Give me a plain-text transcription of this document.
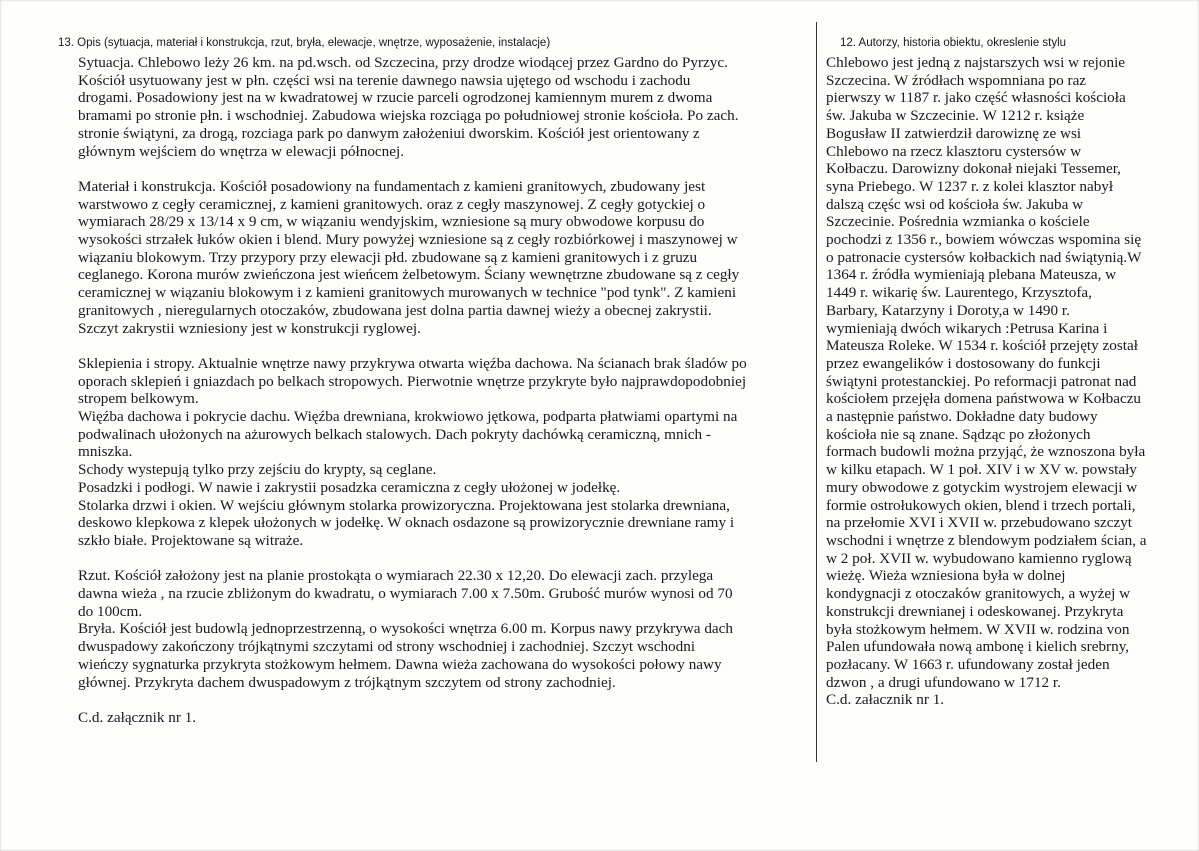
13. Opis (sytuacja, materiał i konstrukcja, rzut, bryła, elewacje, wnętrze, wyposażenie, instalacje)

Sytuacja. Chlebowo leży 26 km. na pd.wsch. od Szczecina, przy drodze wiodącej przez Gardno do Pyrzyc.
Kościół usytuowany jest w płn. części wsi na terenie dawnego nawsia ujętego od wschodu i zachodu
drogami. Posadowiony jest na w kwadratowej w rzucie parceli ogrodzonej kamiennym murem z dwoma
bramami po stronie płn. i wschodniej. Zabudowa wiejska rozciąga po południowej stronie kościoła. Po zach.
stronie świątyni, za drogą, rozciaga park po danwym założeniui dworskim. Kościół jest orientowany z
głównym wejściem do wnętrza w elewacji północnej.

Materiał i konstrukcja. Kościół posadowiony na fundamentach z kamieni granitowych, zbudowany jest
warstwowo z cegły ceramicznej, z kamieni granitowych. oraz z cegły maszynowej. Z cegły gotyckiej o
wymiarach 28/29 x 13/14 x 9 cm, w wiązaniu wendyjskim, wzniesione są mury obwodowe korpusu do
wysokości strzałek łuków okien i blend. Mury powyżej wzniesione są z cegły rozbiórkowej i maszynowej w
wiązaniu blokowym. Trzy przypory przy elewacji płd. zbudowane są z kamieni granitowych i z gruzu
ceglanego. Korona murów zwieńczona jest wieńcem żelbetowym. Ściany wewnętrzne zbudowane są z cegły
ceramicznej w wiązaniu blokowym i z kamieni granitowych murowanych w technice "pod tynk". Z kamieni
granitowych , nieregularnych otoczaków, zbudowana jest dolna partia dawnej wieży a obecnej zakrystii.
Szczyt zakrystii wzniesiony jest w konstrukcji ryglowej.

Sklepienia i stropy. Aktualnie wnętrze nawy przykrywa otwarta więźba dachowa. Na ścianach brak śladów po
oporach sklepień i gniazdach po belkach stropowych. Pierwotnie wnętrze przykryte było najprawdopodobniej
stropem belkowym.
Więźba dachowa i pokrycie dachu. Więźba drewniana, krokwiowo jętkowa, podparta płatwiami opartymi na
podwalinach ułożonych na ażurowych belkach stalowych. Dach pokryty dachówką ceramiczną, mnich -
mniszka.
Schody wystepują tylko przy zejściu do krypty, są ceglane.
Posadzki i podłogi. W nawie i zakrystii posadzka ceramiczna z cegły ułożonej w jodełkę.
Stolarka drzwi i okien. W wejściu głównym stolarka prowizoryczna. Projektowana jest stolarka drewniana,
deskowo klepkowa z klepek ułożonych w jodełkę. W oknach osdazone są prowizorycznie drewniane ramy i
szkło białe. Projektowane są witraże.

Rzut. Kościół założony jest na planie prostokąta o wymiarach 22.30 x 12,20. Do elewacji zach. przylega
dawna wieża , na rzucie zbliżonym do kwadratu, o wymiarach 7.00 x 7.50m. Grubość murów wynosi od 70
do 100cm.
Bryła. Kościół jest budowlą jednoprzestrzenną, o wysokości wnętrza 6.00 m. Korpus nawy przykrywa dach
dwuspadowy zakończony trójkątnymi szczytami od strony wschodniej i zachodniej. Szczyt wschodni
wieńczy sygnaturka przykryta stożkowym hełmem. Dawna wieża zachowana do wysokości połowy nawy
głównej. Przykryta dachem dwuspadowym z trójkątnym szczytem od strony zachodniej.

C.d. załącznik nr 1.

12. Autorzy, historia obiektu, okreslenie stylu

Chlebowo jest jedną z najstarszych wsi w rejonie
Szczecina. W źródłach wspomniana po raz
pierwszy w 1187 r. jako część własności kościoła
św. Jakuba w Szczecinie. W 1212 r. książe
Bogusław II zatwierdził darowiznę ze wsi
Chlebowo na rzecz klasztoru cystersów w
Kołbaczu. Darowizny dokonał niejaki Tessemer,
syna Priebego. W 1237 r. z kolei klasztor nabył
dalszą częśc wsi od kościoła św. Jakuba w
Szczecinie. Pośrednia wzmianka o kościele
pochodzi z 1356 r., bowiem wówczas wspomina się
o patronacie cystersów kołbackich nad świątynią.W
1364 r. źródła wymieniają plebana Mateusza, w
1449 r. wikarię św. Laurentego, Krzysztofa,
Barbary, Katarzyny i Doroty,a w 1490 r.
wymieniają dwóch wikarych :Petrusa Karina i
Mateusza Roleke. W 1534 r. kościół przejęty został
przez ewangelików i dostosowany do funkcji
świątyni protestanckiej. Po reformacji patronat nad
kościołem przejęła domena państwowa w Kołbaczu
a następnie państwo. Dokładne daty budowy
kościoła nie są znane. Sądząc po złożonych
formach budowli można przyjąć, że wznoszona była
w kilku etapach. W 1 poł. XIV i w XV w. powstały
mury obwodowe z gotyckim wystrojem elewacji w
formie ostrołukowych okien, blend i trzech portali,
na przełomie XVI i XVII w. przebudowano szczyt
wschodni i wnętrze z blendowym podziałem ścian, a
w 2 poł. XVII w. wybudowano kamienno ryglową
wieżę. Wieża wzniesiona była w dolnej
kondygnacji z otoczaków granitowych, a wyżej w
konstrukcji drewnianej i odeskowanej. Przykryta
była stożkowym hełmem. W XVII w. rodzina von
Palen ufundowała nową ambonę i kielich srebrny,
pozłacany. W 1663 r. ufundowany został jeden
dzwon , a drugi ufundowano w 1712 r.
C.d. załacznik nr 1.
